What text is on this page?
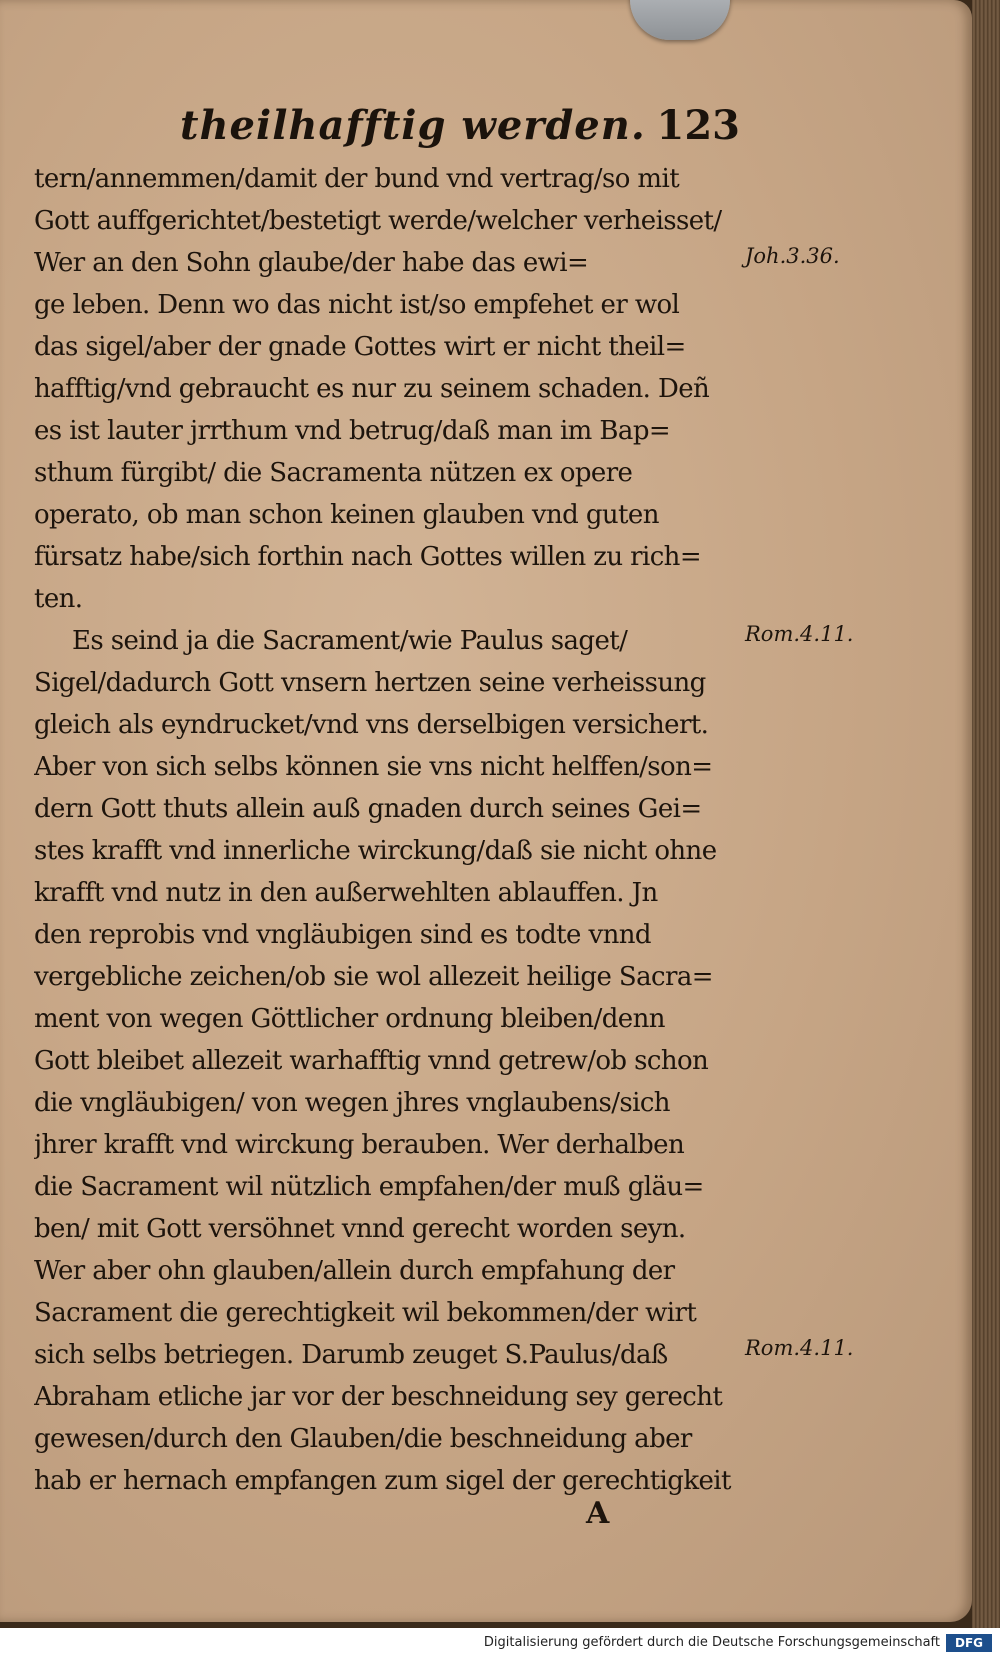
theilhafftig werden. 123
tern/annemmen/damit der bund vnd vertrag/so mit
Gott auffgerichtet/bestetigt werde/welcher verheisset/
Wer an den Sohn glaube/der habe das ewi=
ge leben. Denn wo das nicht ist/so empfehet er wol
das sigel/aber der gnade Gottes wirt er nicht theil=
hafftig/vnd gebraucht es nur zu seinem schaden. Deñ
es ist lauter jrrthum vnd betrug/daß man im Bap=
sthum fürgibt/ die Sacramenta nützen ex opere
operato, ob man schon keinen glauben vnd guten
fürsatz habe/sich forthin nach Gottes willen zu rich=
ten.
Es seind ja die Sacrament/wie Paulus saget/
Sigel/dadurch Gott vnsern hertzen seine verheissung
gleich als eyndrucket/vnd vns derselbigen versichert.
Aber von sich selbs können sie vns nicht helffen/son=
dern Gott thuts allein auß gnaden durch seines Gei=
stes krafft vnd innerliche wirckung/daß sie nicht ohne
krafft vnd nutz in den außerwehlten ablauffen. Jn
den reprobis vnd vngläubigen sind es todte vnnd
vergebliche zeichen/ob sie wol allezeit heilige Sacra=
ment von wegen Göttlicher ordnung bleiben/denn
Gott bleibet allezeit warhafftig vnnd getrew/ob schon
die vngläubigen/ von wegen jhres vnglaubens/sich
jhrer krafft vnd wirckung berauben. Wer derhalben
die Sacrament wil nützlich empfahen/der muß gläu=
ben/ mit Gott versöhnet vnnd gerecht worden seyn.
Wer aber ohn glauben/allein durch empfahung der
Sacrament die gerechtigkeit wil bekommen/der wirt
sich selbs betriegen. Darumb zeuget S.Paulus/daß
Abraham etliche jar vor der beschneidung sey gerecht
gewesen/durch den Glauben/die beschneidung aber
hab er hernach empfangen zum sigel der gerechtigkeit
Joh.3.36.
Rom.4.11.
Rom.4.11.
A
Digitalisierung gefördert durch die Deutsche Forschungsgemeinschaft	DFG
